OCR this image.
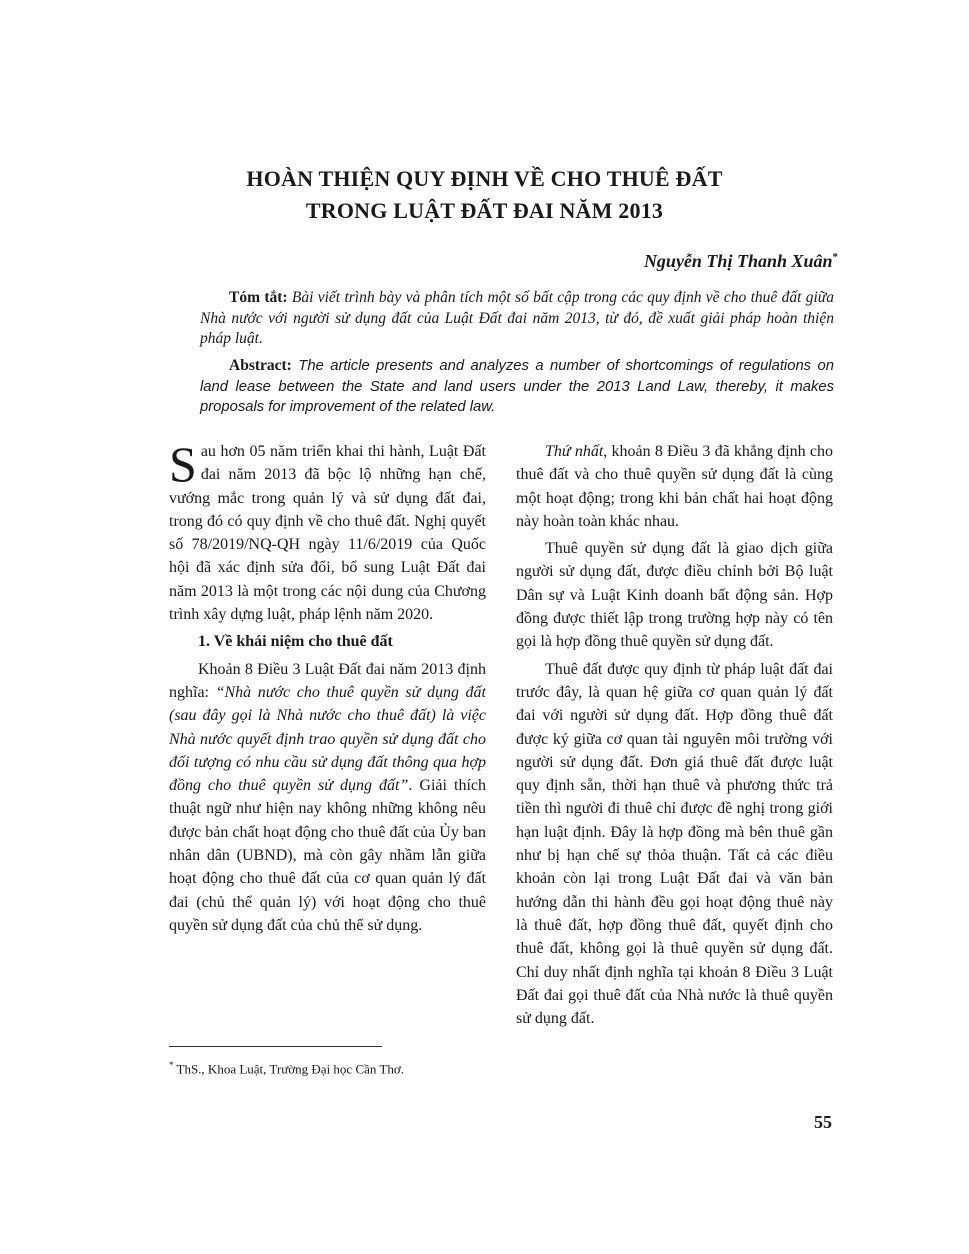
HOÀN THIỆN QUY ĐỊNH VỀ CHO THUÊ ĐẤT
TRONG LUẬT ĐẤT ĐAI NĂM 2013
Nguyễn Thị Thanh Xuân*
Tóm tắt: Bài viết trình bày và phân tích một số bất cập trong các quy định về cho thuê đất giữa Nhà nước với người sử dụng đất của Luật Đất đai năm 2013, từ đó, đề xuất giải pháp hoàn thiện pháp luật.
Abstract: The article presents and analyzes a number of shortcomings of regulations on land lease between the State and land users under the 2013 Land Law, thereby, it makes proposals for improvement of the related law.

Sau hơn 05 năm triển khai thi hành, Luật Đất đai năm 2013 đã bộc lộ những hạn chế, vướng mắc trong quản lý và sử dụng đất đai, trong đó có quy định về cho thuê đất. Nghị quyết số 78/2019/NQ-QH ngày 11/6/2019 của Quốc hội đã xác định sửa đổi, bổ sung Luật Đất đai năm 2013 là một trong các nội dung của Chương trình xây dựng luật, pháp lệnh năm 2020.

1. Về khái niệm cho thuê đất

Khoản 8 Điều 3 Luật Đất đai năm 2013 định nghĩa: “Nhà nước cho thuê quyền sử dụng đất (sau đây gọi là Nhà nước cho thuê đất) là việc Nhà nước quyết định trao quyền sử dụng đất cho đối tượng có nhu cầu sử dụng đất thông qua hợp đồng cho thuê quyền sử dụng đất”. Giải thích thuật ngữ như hiện nay không những không nêu được bản chất hoạt động cho thuê đất của Ủy ban nhân dân (UBND), mà còn gây nhầm lẫn giữa hoạt động cho thuê đất của cơ quan quản lý đất đai (chủ thể quản lý) với hoạt động cho thuê quyền sử dụng đất của chủ thể sử dụng.

Thứ nhất, khoản 8 Điều 3 đã khẳng định cho thuê đất và cho thuê quyền sử dụng đất là cùng một hoạt động; trong khi bản chất hai hoạt động này hoàn toàn khác nhau.

Thuê quyền sử dụng đất là giao dịch giữa người sử dụng đất, được điều chỉnh bởi Bộ luật Dân sự và Luật Kinh doanh bất động sản. Hợp đồng được thiết lập trong trường hợp này có tên gọi là hợp đồng thuê quyền sử dụng đất.

Thuê đất được quy định từ pháp luật đất đai trước đây, là quan hệ giữa cơ quan quản lý đất đai với người sử dụng đất. Hợp đồng thuê đất được ký giữa cơ quan tài nguyên môi trường với người sử dụng đất. Đơn giá thuê đất được luật quy định sẵn, thời hạn thuê và phương thức trả tiền thì người đi thuê chỉ được đề nghị trong giới hạn luật định. Đây là hợp đồng mà bên thuê gần như bị hạn chế sự thỏa thuận. Tất cả các điều khoản còn lại trong Luật Đất đai và văn bản hướng dẫn thi hành đều gọi hoạt động thuê này là thuê đất, hợp đồng thuê đất, quyết định cho thuê đất, không gọi là thuê quyền sử dụng đất. Chỉ duy nhất định nghĩa tại khoản 8 Điều 3 Luật Đất đai gọi thuê đất của Nhà nước là thuê quyền sử dụng đất.

* ThS., Khoa Luật, Trường Đại học Cần Thơ.
55
